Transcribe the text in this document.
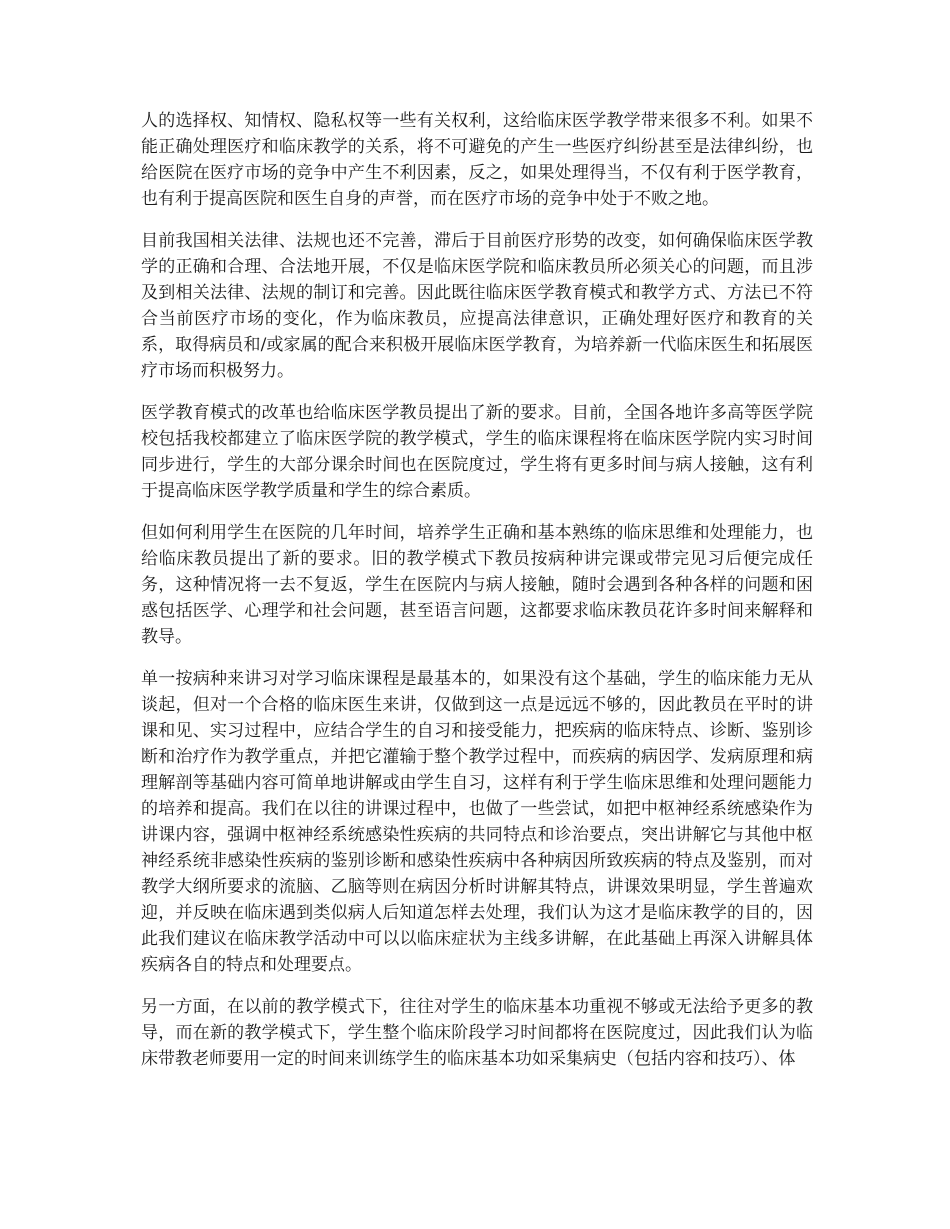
人的选择权、知情权、隐私权等一些有关权利，这给临床医学教学带来很多不利。如果不能正确处理医疗和临床教学的关系，将不可避免的产生一些医疗纠纷甚至是法律纠纷，也给医院在医疗市场的竞争中产生不利因素，反之，如果处理得当，不仅有利于医学教育，也有利于提高医院和医生自身的声誉，而在医疗市场的竞争中处于不败之地。

目前我国相关法律、法规也还不完善，滞后于目前医疗形势的改变，如何确保临床医学教学的正确和合理、合法地开展，不仅是临床医学院和临床教员所必须关心的问题，而且涉及到相关法律、法规的制订和完善。因此既往临床医学教育模式和教学方式、方法已不符合当前医疗市场的变化，作为临床教员，应提高法律意识，正确处理好医疗和教育的关系，取得病员和/或家属的配合来积极开展临床医学教育，为培养新一代临床医生和拓展医疗市场而积极努力。

医学教育模式的改革也给临床医学教员提出了新的要求。目前，全国各地许多高等医学院校包括我校都建立了临床医学院的教学模式，学生的临床课程将在临床医学院内实习时间同步进行，学生的大部分课余时间也在医院度过，学生将有更多时间与病人接触，这有利于提高临床医学教学质量和学生的综合素质。

但如何利用学生在医院的几年时间，培养学生正确和基本熟练的临床思维和处理能力，也给临床教员提出了新的要求。旧的教学模式下教员按病种讲完课或带完见习后便完成任务，这种情况将一去不复返，学生在医院内与病人接触，随时会遇到各种各样的问题和困惑包括医学、心理学和社会问题，甚至语言问题，这都要求临床教员花许多时间来解释和教导。

单一按病种来讲习对学习临床课程是最基本的，如果没有这个基础，学生的临床能力无从谈起，但对一个合格的临床医生来讲，仅做到这一点是远远不够的，因此教员在平时的讲课和见、实习过程中，应结合学生的自习和接受能力，把疾病的临床特点、诊断、鉴别诊断和治疗作为教学重点，并把它灌输于整个教学过程中，而疾病的病因学、发病原理和病理解剖等基础内容可简单地讲解或由学生自习，这样有利于学生临床思维和处理问题能力的培养和提高。我们在以往的讲课过程中，也做了一些尝试，如把中枢神经系统感染作为讲课内容，强调中枢神经系统感染性疾病的共同特点和诊治要点，突出讲解它与其他中枢神经系统非感染性疾病的鉴别诊断和感染性疾病中各种病因所致疾病的特点及鉴别，而对教学大纲所要求的流脑、乙脑等则在病因分析时讲解其特点，讲课效果明显，学生普遍欢迎，并反映在临床遇到类似病人后知道怎样去处理，我们认为这才是临床教学的目的，因此我们建议在临床教学活动中可以以临床症状为主线多讲解，在此基础上再深入讲解具体疾病各自的特点和处理要点。

另一方面，在以前的教学模式下，往往对学生的临床基本功重视不够或无法给予更多的教导，而在新的教学模式下，学生整个临床阶段学习时间都将在医院度过，因此我们认为临床带教老师要用一定的时间来训练学生的临床基本功如采集病史（包括内容和技巧）、体
